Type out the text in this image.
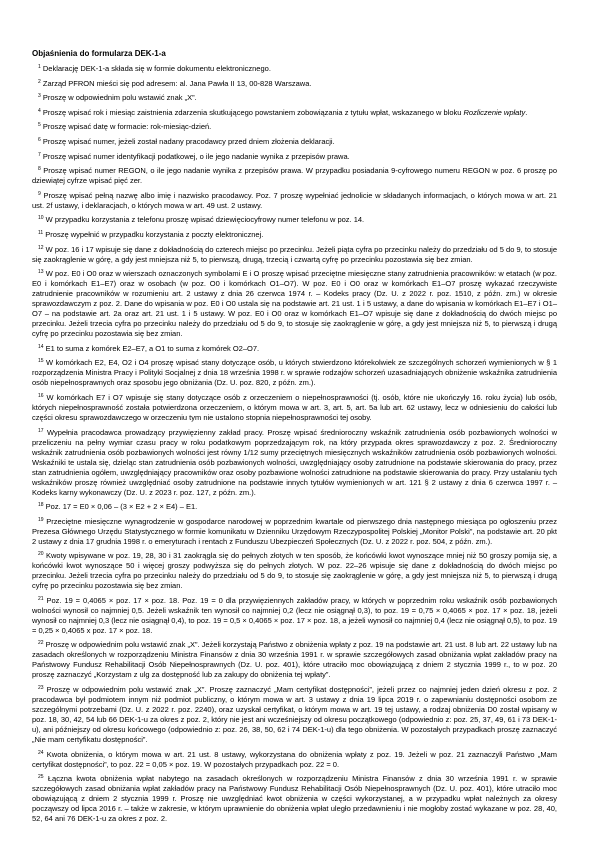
Objaśnienia do formularza DEK-1-a

$^1$ Deklarację DEK-1-a składa się w formie dokumentu elektronicznego.

$^2$ Zarząd PFRON mieści się pod adresem: al. Jana Pawła II 13, 00-828 Warszawa.

$^3$ Proszę w odpowiednim polu wstawić znak „X”.

$^4$ Proszę wpisać rok i miesiąc zaistnienia zdarzenia skutkującego powstaniem zobowiązania z tytułu wpłat, wskazanego w bloku Rozliczenie wpłaty.

$^5$ Proszę wpisać datę w formacie: rok-miesiąc-dzień.

$^6$ Proszę wpisać numer, jeżeli został nadany pracodawcy przed dniem złożenia deklaracji.

$^7$ Proszę wpisać numer identyfikacji podatkowej, o ile jego nadanie wynika z przepisów prawa.

$^8$ Proszę wpisać numer REGON, o ile jego nadanie wynika z przepisów prawa. W przypadku posiadania 9-cyfrowego numeru REGON w poz. 6 proszę po dziewiątej cyfrze wpisać pięć zer.

$^9$ Proszę wpisać pełną nazwę albo imię i nazwisko pracodawcy. Poz. 7 proszę wypełniać jednolicie w składanych informacjach, o których mowa w art. 21 ust. 2f ustawy, i deklaracjach, o których mowa w art. 49 ust. 2 ustawy.

$^{10}$ W przypadku korzystania z telefonu proszę wpisać dziewięciocyfrowy numer telefonu w poz. 14.

$^{11}$ Proszę wypełnić w przypadku korzystania z poczty elektronicznej.

$^{12}$ W poz. 16 i 17 wpisuje się dane z dokładnością do czterech miejsc po przecinku. Jeżeli piąta cyfra po przecinku należy do przedziału od 5 do 9, to stosuje się zaokrąglenie w górę, a gdy jest mniejsza niż 5, to pierwszą, drugą, trzecią i czwartą cyfrę po przecinku pozostawia się bez zmian.

$^{13}$ W poz. E0 i O0 oraz w wierszach oznaczonych symbolami E i O proszę wpisać przeciętne miesięczne stany zatrudnienia pracowników: w etatach (w poz. E0 i komórkach E1–E7) oraz w osobach (w poz. O0 i komórkach O1–O7). W poz. E0 i O0 oraz w komórkach E1–O7 proszę wykazać rzeczywiste zatrudnienie pracowników w rozumieniu art. 2 ustawy z dnia 26 czerwca 1974 r. – Kodeks pracy (Dz. U. z 2022 r. poz. 1510, z późn. zm.) w okresie sprawozdawczym z poz. 2. Dane do wpisania w poz. E0 i O0 ustala się na podstawie art. 21 ust. 1 i 5 ustawy, a dane do wpisania w komórkach E1–E7 i O1–O7 – na podstawie art. 2a oraz art. 21 ust. 1 i 5 ustawy. W poz. E0 i O0 oraz w komórkach E1–O7 wpisuje się dane z dokładnością do dwóch miejsc po przecinku. Jeżeli trzecia cyfra po przecinku należy do przedziału od 5 do 9, to stosuje się zaokrąglenie w górę, a gdy jest mniejsza niż 5, to pierwszą i drugą cyfrę po przecinku pozostawia się bez zmian.

$^{14}$ E1 to suma z komórek E2–E7, a O1 to suma z komórek O2–O7.

$^{15}$ W komórkach E2, E4, O2 i O4 proszę wpisać stany dotyczące osób, u których stwierdzono którekolwiek ze szczególnych schorzeń wymienionych w § 1 rozporządzenia Ministra Pracy i Polityki Socjalnej z dnia 18 września 1998 r. w sprawie rodzajów schorzeń uzasadniających obniżenie wskaźnika zatrudnienia osób niepełnosprawnych oraz sposobu jego obniżania (Dz. U. poz. 820, z późn. zm.).

$^{16}$ W komórkach E7 i O7 wpisuje się stany dotyczące osób z orzeczeniem o niepełnosprawności (tj. osób, które nie ukończyły 16. roku życia) lub osób, których niepełnosprawność została potwierdzona orzeczeniem, o którym mowa w art. 3, art. 5, art. 5a lub art. 62 ustawy, lecz w odniesieniu do całości lub części okresu sprawozdawczego w orzeczeniu tym nie ustalono stopnia niepełnosprawności tej osoby.

$^{17}$ Wypełnia pracodawca prowadzący przywięzienny zakład pracy. Proszę wpisać średnioroczny wskaźnik zatrudnienia osób pozbawionych wolności w przeliczeniu na pełny wymiar czasu pracy w roku podatkowym poprzedzającym rok, na który przypada okres sprawozdawczy z poz. 2. Średnioroczny wskaźnik zatrudnienia osób pozbawionych wolności jest równy 1/12 sumy przeciętnych miesięcznych wskaźników zatrudnienia osób pozbawionych wolności. Wskaźniki te ustala się, dzieląc stan zatrudnienia osób pozbawionych wolności, uwzględniający osoby zatrudnione na podstawie skierowania do pracy, przez stan zatrudnienia ogółem, uwzględniający pracowników oraz osoby pozbawione wolności zatrudnione na podstawie skierowania do pracy. Przy ustalaniu tych wskaźników proszę również uwzględniać osoby zatrudnione na podstawie innych tytułów wymienionych w art. 121 § 2 ustawy z dnia 6 czerwca 1997 r. – Kodeks karny wykonawczy (Dz. U. z 2023 r. poz. 127, z późn. zm.).

$^{18}$ Poz. 17 = E0 × 0,06 – (3 × E2 + 2 × E4) – E1.

$^{19}$ Przeciętne miesięczne wynagrodzenie w gospodarce narodowej w poprzednim kwartale od pierwszego dnia następnego miesiąca po ogłoszeniu przez Prezesa Głównego Urzędu Statystycznego w formie komunikatu w Dzienniku Urzędowym Rzeczypospolitej Polskiej „Monitor Polski”, na podstawie art. 20 pkt 2 ustawy z dnia 17 grudnia 1998 r. o emeryturach i rentach z Funduszu Ubezpieczeń Społecznych (Dz. U. z 2022 r. poz. 504, z późn. zm.).

$^{20}$ Kwoty wpisywane w poz. 19, 28, 30 i 31 zaokrągla się do pełnych złotych w ten sposób, że końcówki kwot wynoszące mniej niż 50 groszy pomija się, a końcówki kwot wynoszące 50 i więcej groszy podwyższa się do pełnych złotych. W poz. 22–26 wpisuje się dane z dokładnością do dwóch miejsc po przecinku. Jeżeli trzecia cyfra po przecinku należy do przedziału od 5 do 9, to stosuje się zaokrąglenie w górę, a gdy jest mniejsza niż 5, to pierwszą i drugą cyfrę po przecinku pozostawia się bez zmian.

$^{21}$ Poz. 19 = 0,4065 × poz. 17 × poz. 18. Poz. 19 = 0 dla przywięziennych zakładów pracy, w których w poprzednim roku wskaźnik osób pozbawionych wolności wynosił co najmniej 0,5. Jeżeli wskaźnik ten wynosił co najmniej 0,2 (lecz nie osiągnął 0,3), to poz. 19 = 0,75 × 0,4065 × poz. 17 × poz. 18, jeżeli wynosił co najmniej 0,3 (lecz nie osiągnął 0,4), to poz. 19 = 0,5 × 0,4065 × poz. 17 × poz. 18, a jeżeli wynosił co najmniej 0,4 (lecz nie osiągnął 0,5), to poz. 19 = 0,25 × 0,4065 x poz. 17 × poz. 18.

$^{22}$ Proszę w odpowiednim polu wstawić znak „X”. Jeżeli korzystają Państwo z obniżenia wpłaty z poz. 19 na podstawie art. 21 ust. 8 lub art. 22 ustawy lub na zasadach określonych w rozporządzeniu Ministra Finansów z dnia 30 września 1991 r. w sprawie szczegółowych zasad obniżania wpłat zakładów pracy na Państwowy Fundusz Rehabilitacji Osób Niepełnosprawnych (Dz. U. poz. 401), które utraciło moc obowiązującą z dniem 2 stycznia 1999 r., to w poz. 20 proszę zaznaczyć „Korzystam z ulg za dostępność lub za zakupy do obniżenia tej wpłaty”.

$^{23}$ Proszę w odpowiednim polu wstawić znak „X”. Proszę zaznaczyć „Mam certyfikat dostępności”, jeżeli przez co najmniej jeden dzień okresu z poz. 2 pracodawca był podmiotem innym niż podmiot publiczny, o którym mowa w art. 3 ustawy z dnia 19 lipca 2019 r. o zapewnianiu dostępności osobom ze szczególnymi potrzebami (Dz. U. z 2022 r. poz. 2240), oraz uzyskał certyfikat, o którym mowa w art. 19 tej ustawy, a rodzaj obniżenia D0 został wpisany w poz. 18, 30, 42, 54 lub 66 DEK-1-u za okres z poz. 2, który nie jest ani wcześniejszy od okresu początkowego (odpowiednio z: poz. 25, 37, 49, 61 i 73 DEK-1-u), ani późniejszy od okresu końcowego (odpowiednio z: poz. 26, 38, 50, 62 i 74 DEK-1-u) dla tego obniżenia. W pozostałych przypadkach proszę zaznaczyć „Nie mam certyfikatu dostępności”.

$^{24}$ Kwota obniżenia, o którym mowa w art. 21 ust. 8 ustawy, wykorzystana do obniżenia wpłaty z poz. 19. Jeżeli w poz. 21 zaznaczyli Państwo „Mam certyfikat dostępności”, to poz. 22 = 0,05 × poz. 19. W pozostałych przypadkach poz. 22 = 0.

$^{25}$ Łączna kwota obniżenia wpłat nabytego na zasadach określonych w rozporządzeniu Ministra Finansów z dnia 30 września 1991 r. w sprawie szczegółowych zasad obniżania wpłat zakładów pracy na Państwowy Fundusz Rehabilitacji Osób Niepełnosprawnych (Dz. U. poz. 401), które utraciło moc obowiązującą z dniem 2 stycznia 1999 r. Proszę nie uwzględniać kwot obniżenia w części wykorzystanej, a w przypadku wpłat należnych za okresy począwszy od lipca 2016 r. – także w zakresie, w którym uprawnienie do obniżenia wpłat uległo przedawnieniu i nie mogłoby zostać wykazane w poz. 28, 40, 52, 64 ani 76 DEK-1-u za okres z poz. 2.
